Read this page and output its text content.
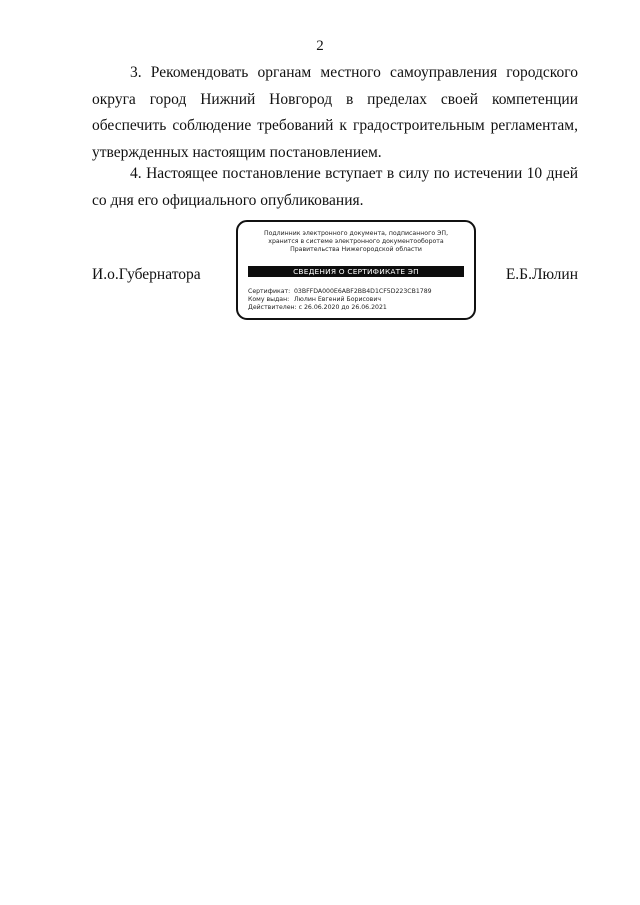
2

3. Рекомендовать органам местного самоуправления городского округа город Нижний Новгород в пределах своей компетенции обеспечить соблюдение требований к градостроительным регламентам, утвержденных настоящим постановлением.

4. Настоящее постановление вступает в силу по истечении 10 дней со дня его официального опубликования.

И.о.Губернатора	Е.Б.Люлин
Подлинник электронного документа, подписанного ЭП,
хранится в системе электронного документооборота
Правительства Нижегородской области
СВЕДЕНИЯ О СЕРТИФИКАТЕ ЭП
Сертификат: 03BFFDA000E6ABF2BB4D1CF5D223CB1789
Кому выдан: Люлин Евгений Борисович
Действителен: с 26.06.2020 до 26.06.2021
